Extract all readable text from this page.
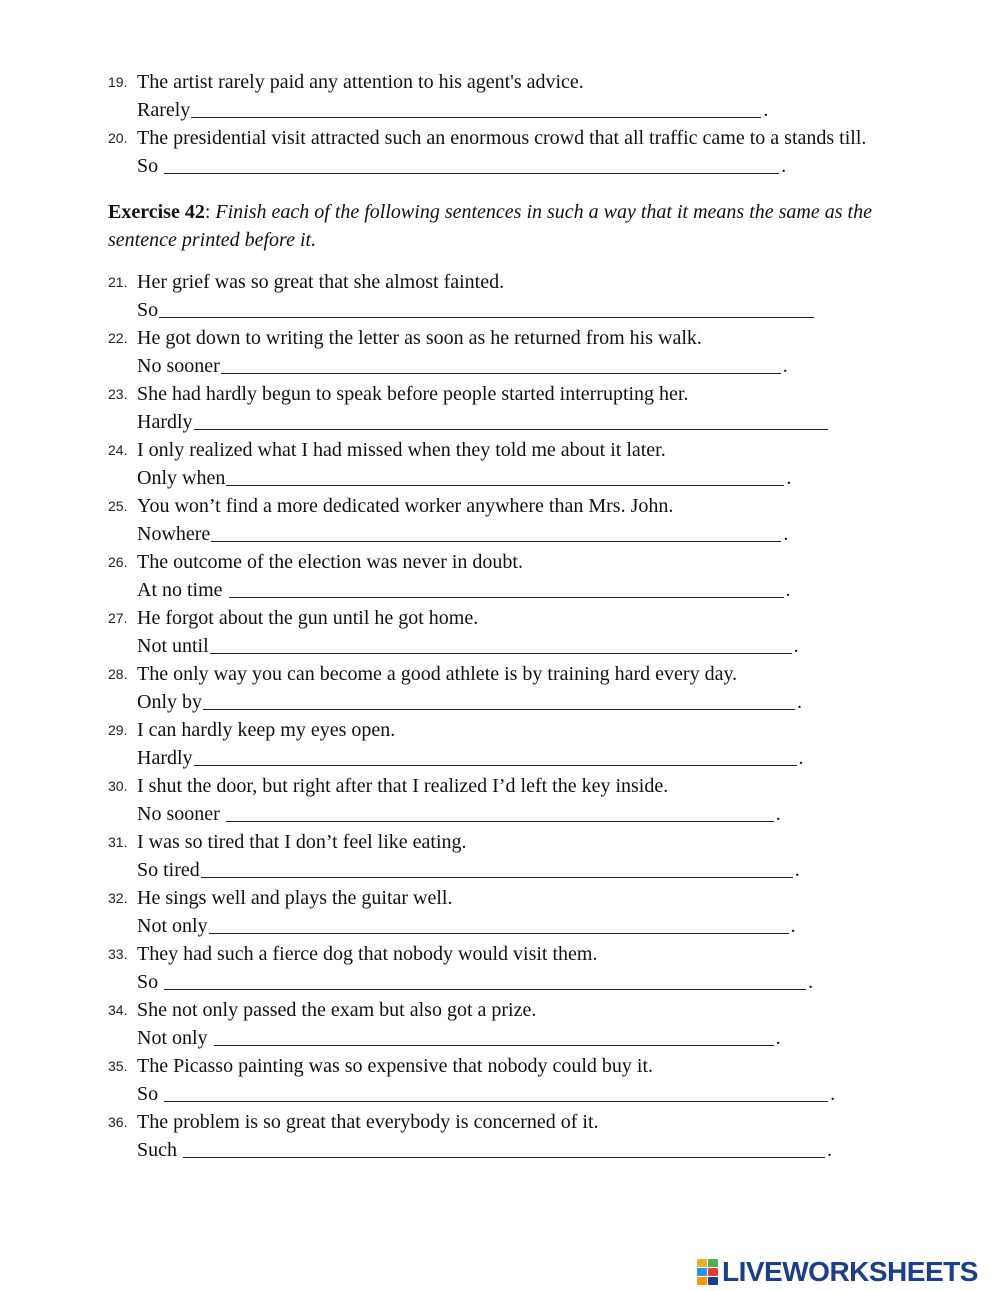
19. The artist rarely paid any attention to his agent's advice.
Rarely	.
20. The presidential visit attracted such an enormous crowd that all traffic came to a stands till.
So	.
Exercise 42: Finish each of the following sentences in such a way that it means the same as the sentence printed before it.
21. Her grief was so great that she almost fainted.
So
22. He got down to writing the letter as soon as he returned from his walk.
No sooner	.
23. She had hardly begun to speak before people started interrupting her.
Hardly
24. I only realized what I had missed when they told me about it later.
Only when	.
25. You won’t find a more dedicated worker anywhere than Mrs. John.
Nowhere	.
26. The outcome of the election was never in doubt.
At no time	.
27. He forgot about the gun until he got home.
Not until	.
28. The only way you can become a good athlete is by training hard every day.
Only by	.
29. I can hardly keep my eyes open.
Hardly	.
30. I shut the door, but right after that I realized I’d left the key inside.
No sooner	.
31. I was so tired that I don’t feel like eating.
So tired	.
32. He sings well and plays the guitar well.
Not only	.
33. They had such a fierce dog that nobody would visit them.
So	.
34. She not only passed the exam but also got a prize.
Not only	.
35. The Picasso painting was so expensive that nobody could buy it.
So	.
36. The problem is so great that everybody is concerned of it.
Such	.
LIVEWORKSHEETS
